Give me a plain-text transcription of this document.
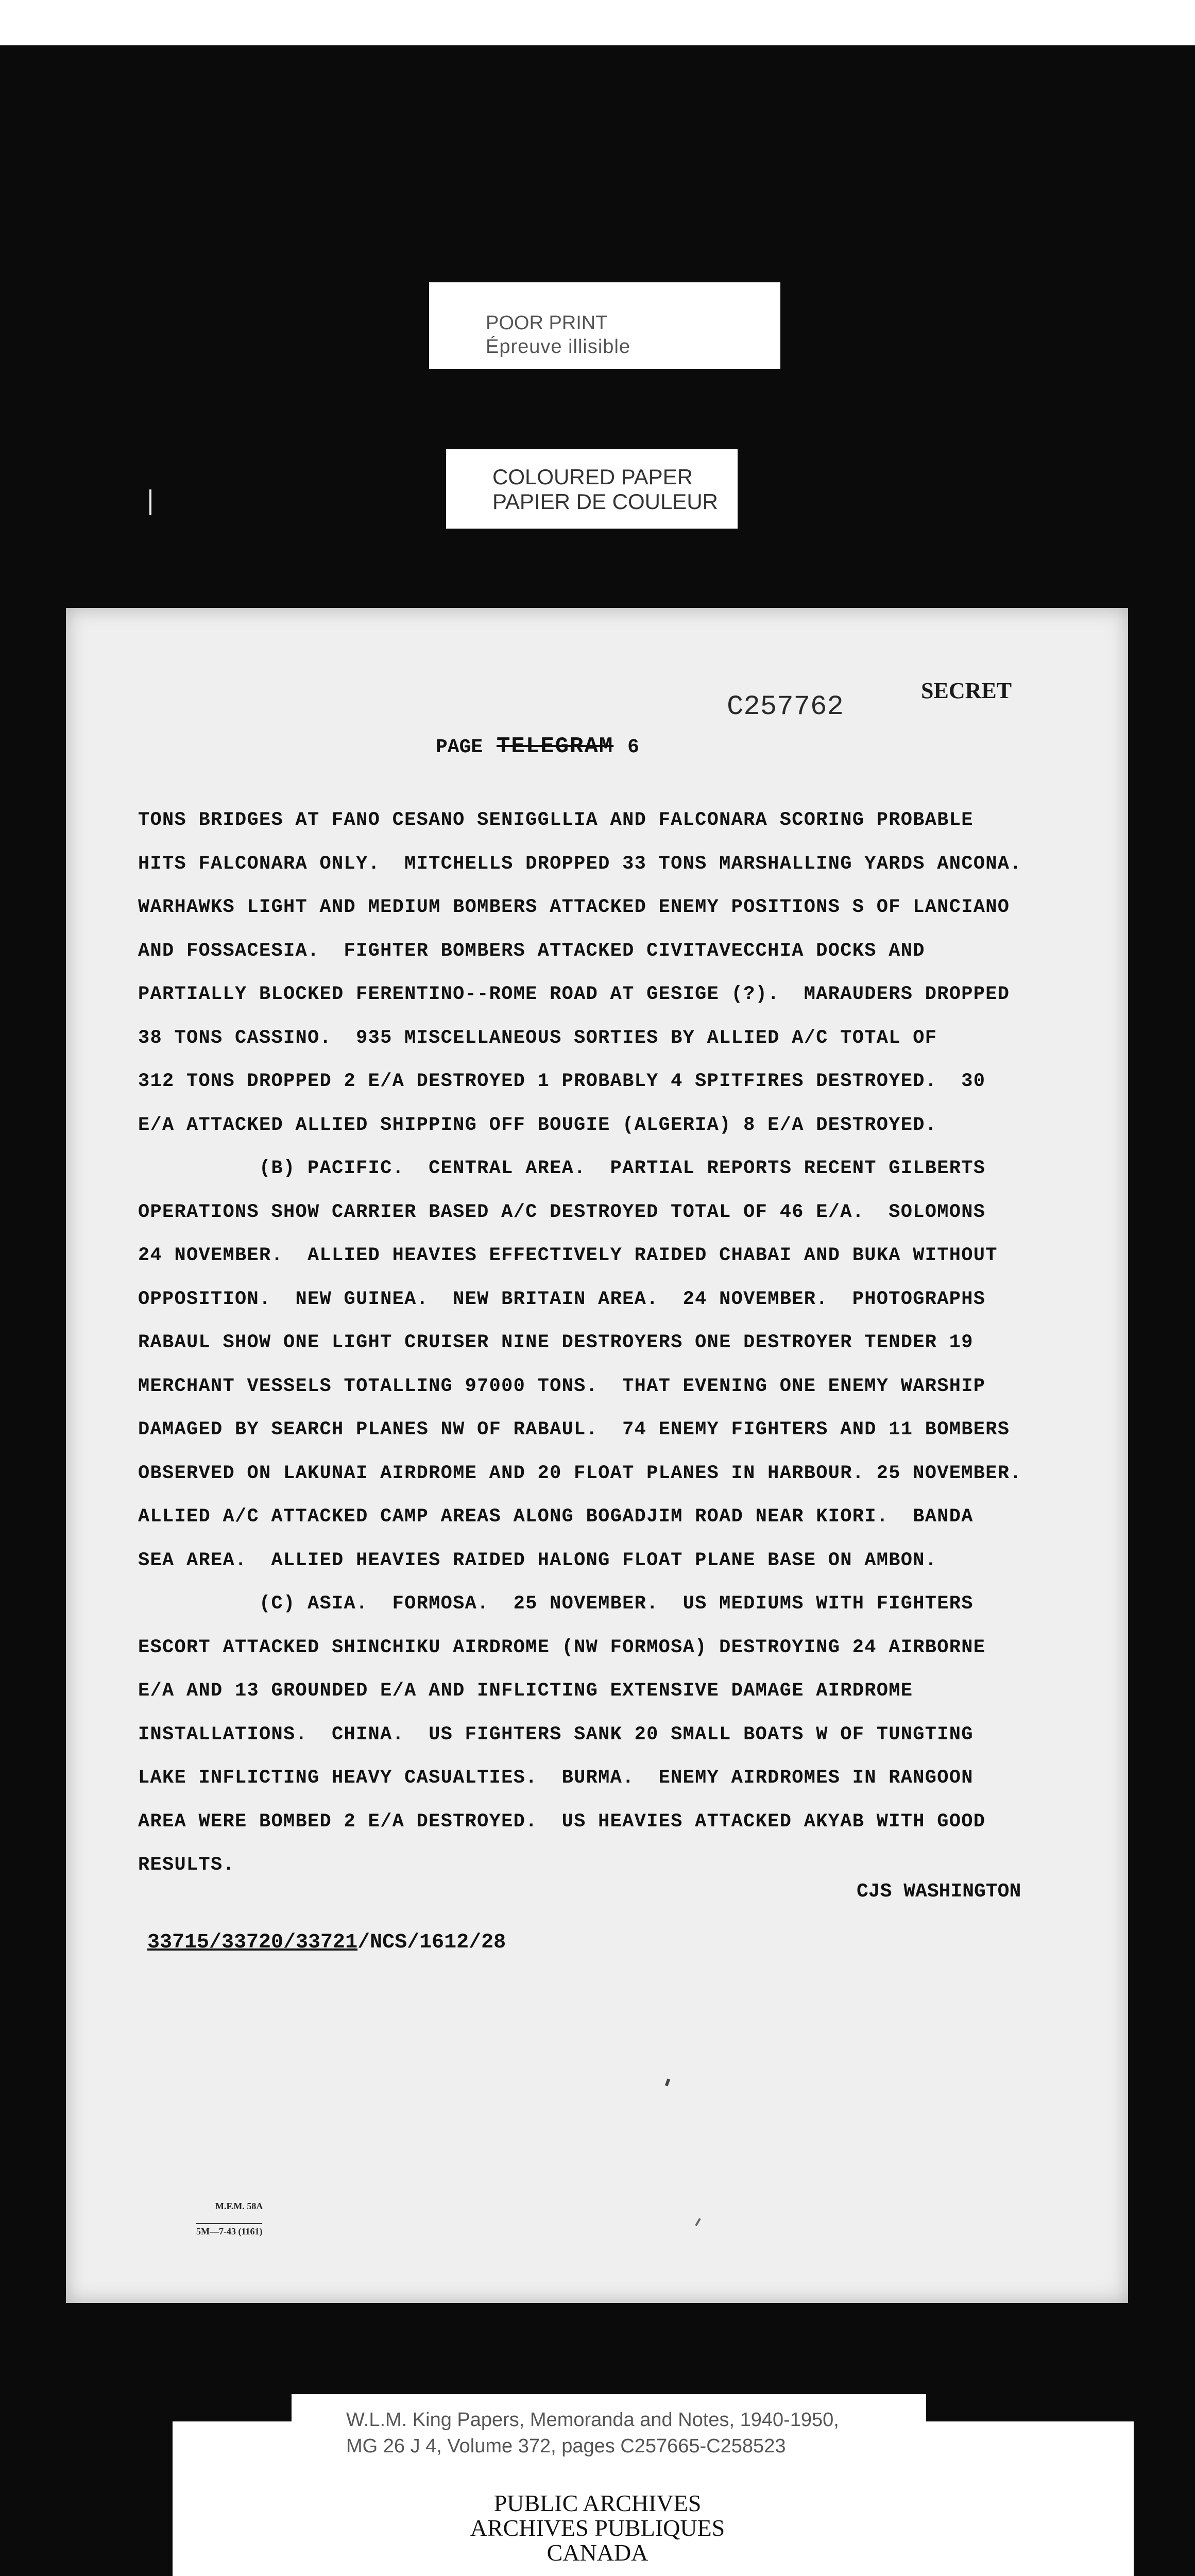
POOR PRINT
Épreuve illisible
COLOURED PAPER
PAPIER DE COULEUR
SECRET
C257762
PAGE TELEGRAM 6
TONS BRIDGES AT FANO CESANO SENIGGLLIA AND FALCONARA SCORING PROBABLE
HITS FALCONARA ONLY.  MITCHELLS DROPPED 33 TONS MARSHALLING YARDS ANCONA.
WARHAWKS LIGHT AND MEDIUM BOMBERS ATTACKED ENEMY POSITIONS S OF LANCIANO
AND FOSSACESIA.  FIGHTER BOMBERS ATTACKED CIVITAVECCHIA DOCKS AND
PARTIALLY BLOCKED FERENTINO--ROME ROAD AT GESIGE (?).  MARAUDERS DROPPED
38 TONS CASSINO.  935 MISCELLANEOUS SORTIES BY ALLIED A/C TOTAL OF
312 TONS DROPPED 2 E/A DESTROYED 1 PROBABLY 4 SPITFIRES DESTROYED.  30
E/A ATTACKED ALLIED SHIPPING OFF BOUGIE (ALGERIA) 8 E/A DESTROYED.
(B) PACIFIC.  CENTRAL AREA.  PARTIAL REPORTS RECENT GILBERTS
OPERATIONS SHOW CARRIER BASED A/C DESTROYED TOTAL OF 46 E/A.  SOLOMONS
24 NOVEMBER.  ALLIED HEAVIES EFFECTIVELY RAIDED CHABAI AND BUKA WITHOUT
OPPOSITION.  NEW GUINEA.  NEW BRITAIN AREA.  24 NOVEMBER.  PHOTOGRAPHS
RABAUL SHOW ONE LIGHT CRUISER NINE DESTROYERS ONE DESTROYER TENDER 19
MERCHANT VESSELS TOTALLING 97000 TONS.  THAT EVENING ONE ENEMY WARSHIP
DAMAGED BY SEARCH PLANES NW OF RABAUL.  74 ENEMY FIGHTERS AND 11 BOMBERS
OBSERVED ON LAKUNAI AIRDROME AND 20 FLOAT PLANES IN HARBOUR. 25 NOVEMBER.
ALLIED A/C ATTACKED CAMP AREAS ALONG BOGADJIM ROAD NEAR KIORI.  BANDA
SEA AREA.  ALLIED HEAVIES RAIDED HALONG FLOAT PLANE BASE ON AMBON.
(C) ASIA.  FORMOSA.  25 NOVEMBER.  US MEDIUMS WITH FIGHTERS
ESCORT ATTACKED SHINCHIKU AIRDROME (NW FORMOSA) DESTROYING 24 AIRBORNE
E/A AND 13 GROUNDED E/A AND INFLICTING EXTENSIVE DAMAGE AIRDROME
INSTALLATIONS.  CHINA.  US FIGHTERS SANK 20 SMALL BOATS W OF TUNGTING
LAKE INFLICTING HEAVY CASUALTIES.  BURMA.  ENEMY AIRDROMES IN RANGOON
AREA WERE BOMBED 2 E/A DESTROYED.  US HEAVIES ATTACKED AKYAB WITH GOOD
RESULTS.
CJS WASHINGTON
33715/33720/33721/NCS/1612/28
M.F.M. 58A
5M—7-43 (1161)
W.L.M. King Papers, Memoranda and Notes, 1940-1950,
MG 26 J 4, Volume 372, pages C257665-C258523
PUBLIC ARCHIVES
ARCHIVES PUBLIQUES
CANADA
